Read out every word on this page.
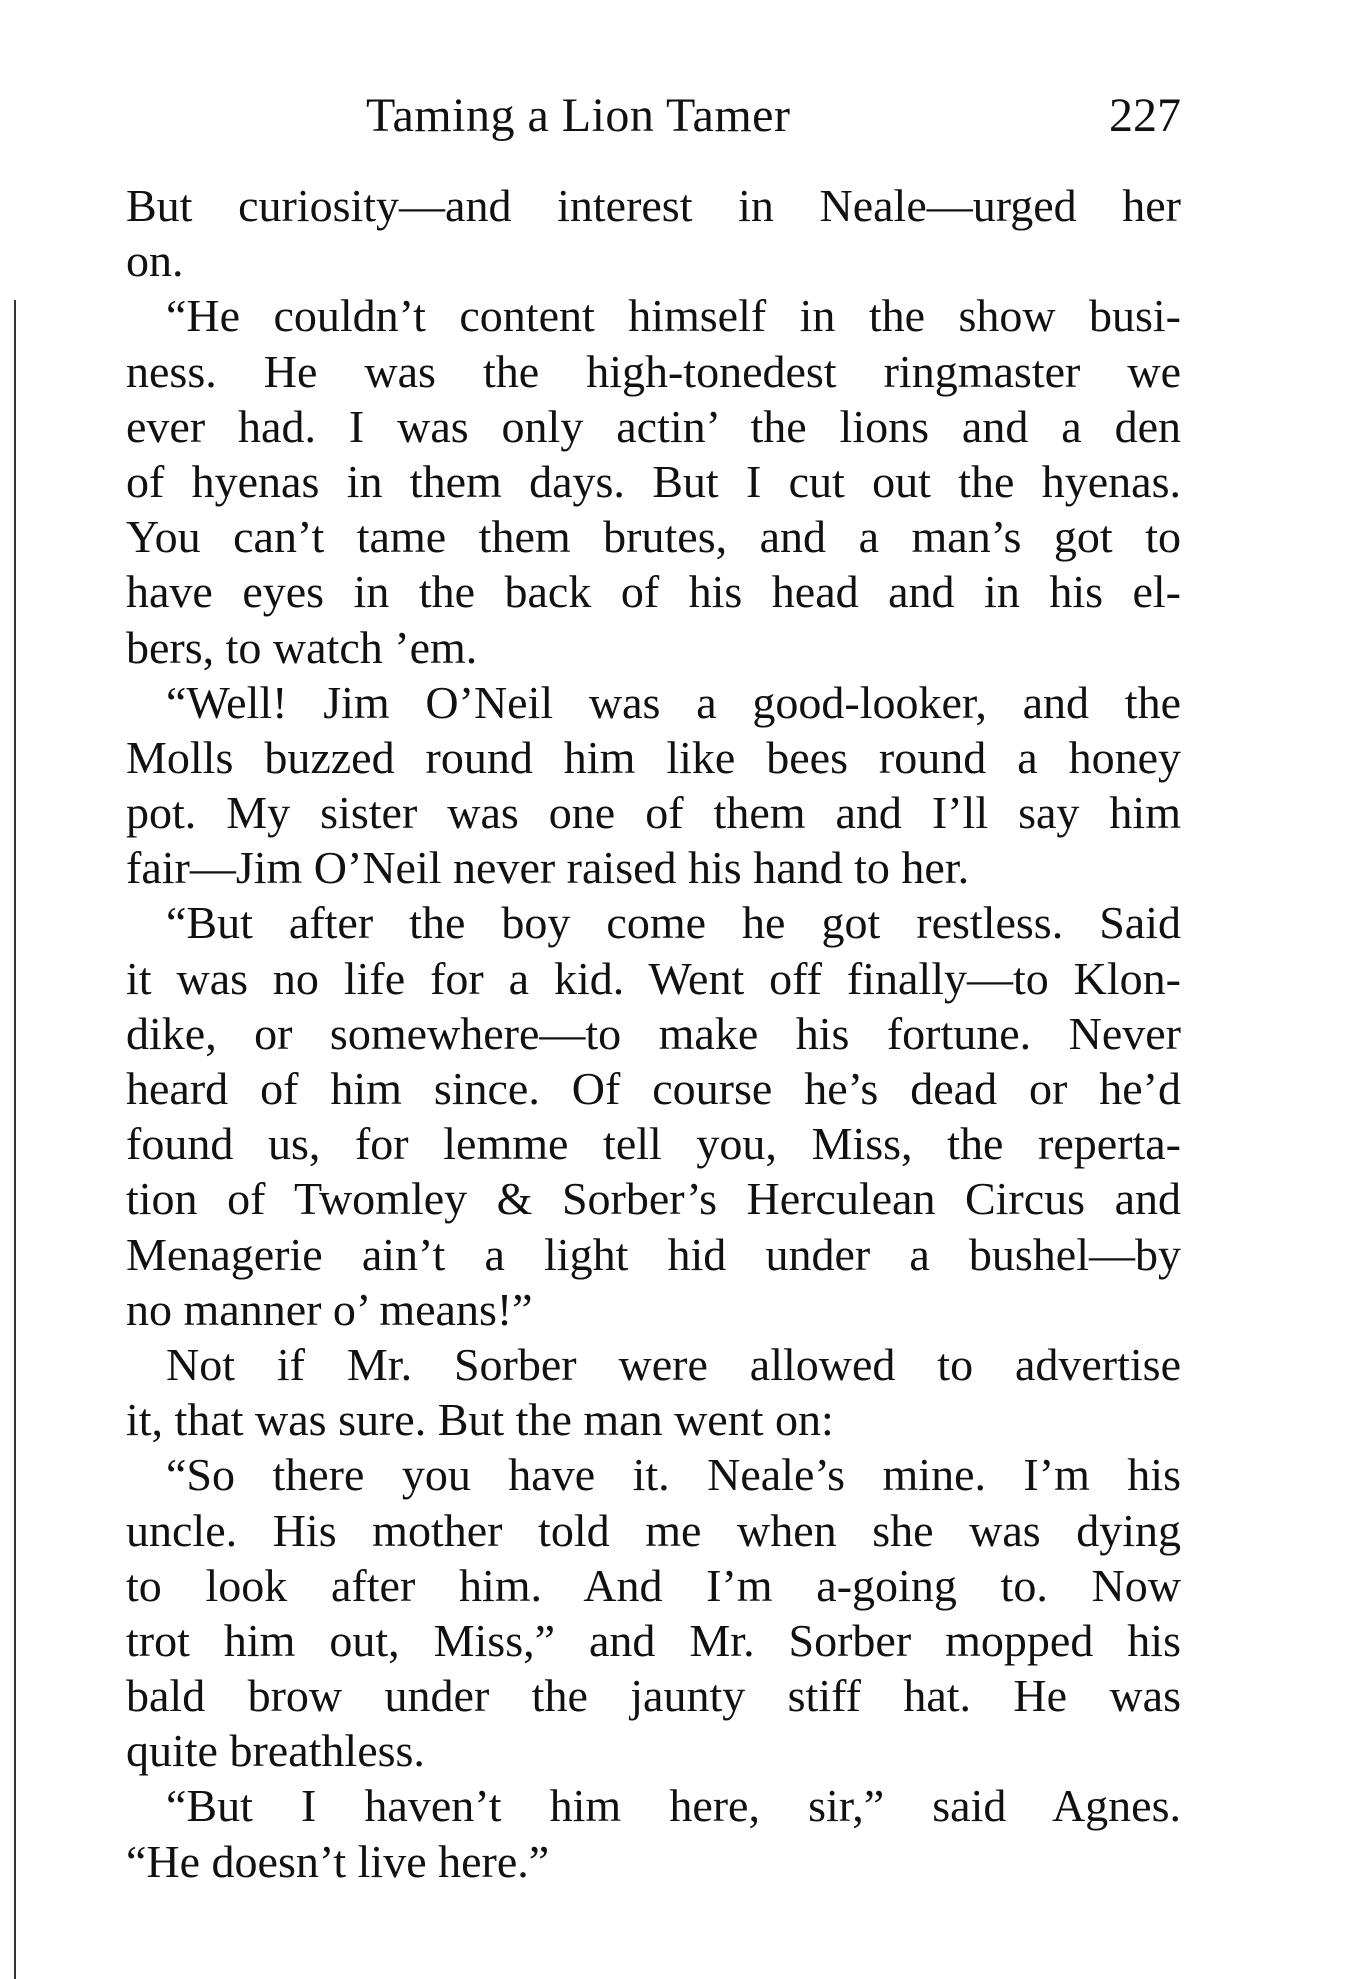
Taming a Lion Tamer	227
But curiosity—and interest in Neale—urged her
on.
“He couldn’t content himself in the show busi-
ness. He was the high-tonedest ringmaster we
ever had. I was only actin’ the lions and a den
of hyenas in them days. But I cut out the hyenas.
You can’t tame them brutes, and a man’s got to
have eyes in the back of his head and in his el-
bers, to watch ’em.
“Well! Jim O’Neil was a good-looker, and the
Molls buzzed round him like bees round a honey
pot. My sister was one of them and I’ll say him
fair—Jim O’Neil never raised his hand to her.
“But after the boy come he got restless. Said
it was no life for a kid. Went off finally—to Klon-
dike, or somewhere—to make his fortune. Never
heard of him since. Of course he’s dead or he’d
found us, for lemme tell you, Miss, the reperta-
tion of Twomley & Sorber’s Herculean Circus and
Menagerie ain’t a light hid under a bushel—by
no manner o’ means!”
Not if Mr. Sorber were allowed to advertise
it, that was sure. But the man went on:
“So there you have it. Neale’s mine. I’m his
uncle. His mother told me when she was dying
to look after him. And I’m a-going to. Now
trot him out, Miss,” and Mr. Sorber mopped his
bald brow under the jaunty stiff hat. He was
quite breathless.
“But I haven’t him here, sir,” said Agnes.
“He doesn’t live here.”
